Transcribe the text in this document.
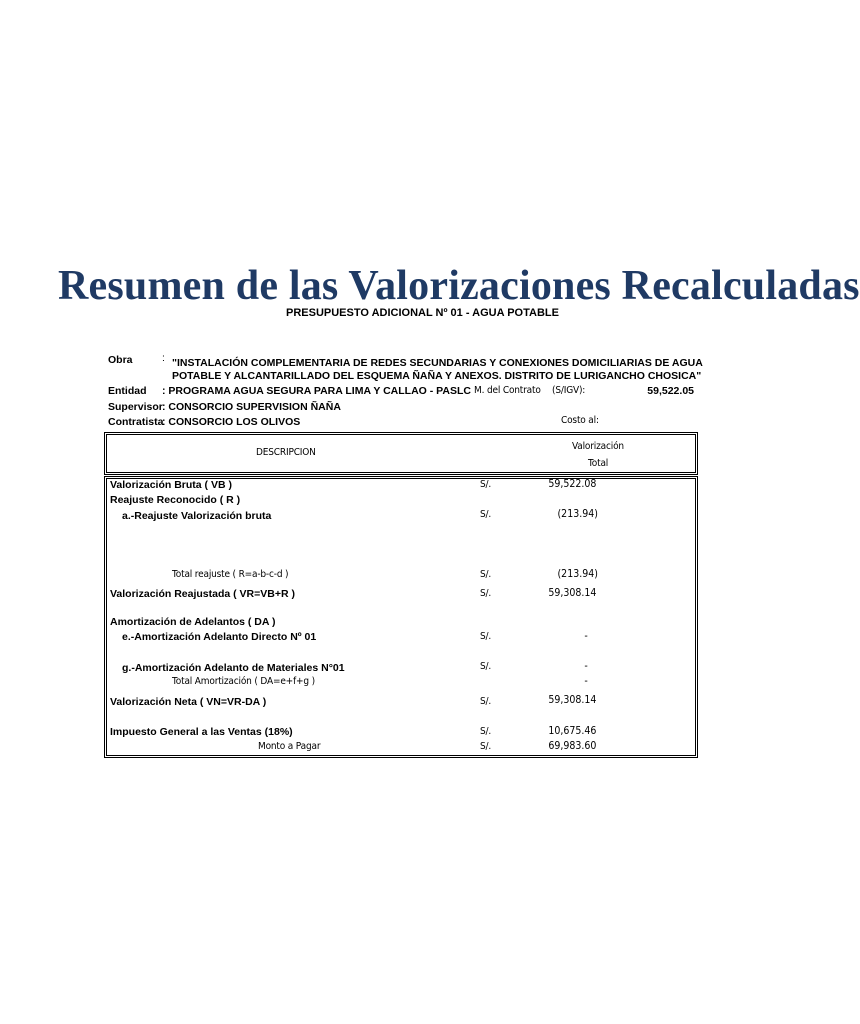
Resumen de las Valorizaciones Recalculadas
PRESUPUESTO ADICIONAL Nº 01 - AGUA POTABLE
Obra	: "INSTALACIÓN COMPLEMENTARIA DE REDES SECUNDARIAS Y CONEXIONES DOMICILIARIAS DE AGUA
POTABLE Y ALCANTARILLADO DEL ESQUEMA ÑAÑA Y ANEXOS. DISTRITO DE LURIGANCHO CHOSICA"
Entidad : PROGRAMA AGUA SEGURA PARA LIMA Y CALLAO - PASLC M. del Contrato (S/IGV):	59,522.05
Supervisor : CONSORCIO SUPERVISION ÑAÑA
Contratista
: CONSORCIO LOS OLIVOS	Costo al:
DESCRIPCION
Valorización
Total
Valorización Bruta ( VB )	S/.	59,522.08
Reajuste Reconocido ( R )
a.-Reajuste Valorización bruta	S/.	(213.94)
Total reajuste ( R=a-b-c-d )	S/.	(213.94)
Valorización Reajustada ( VR=VB+R )	S/.	59,308.14
Amortización de Adelantos ( DA )
e.-Amortización Adelanto Directo Nº 01	S/.	-
g.-Amortización Adelanto de Materiales N°01	S/.	-
Total Amortización ( DA=e+f+g )	-
Valorización Neta ( VN=VR-DA )	S/.	59,308.14
Impuesto General a las Ventas (18%)	S/.	10,675.46
Monto a Pagar	S/.	69,983.60
